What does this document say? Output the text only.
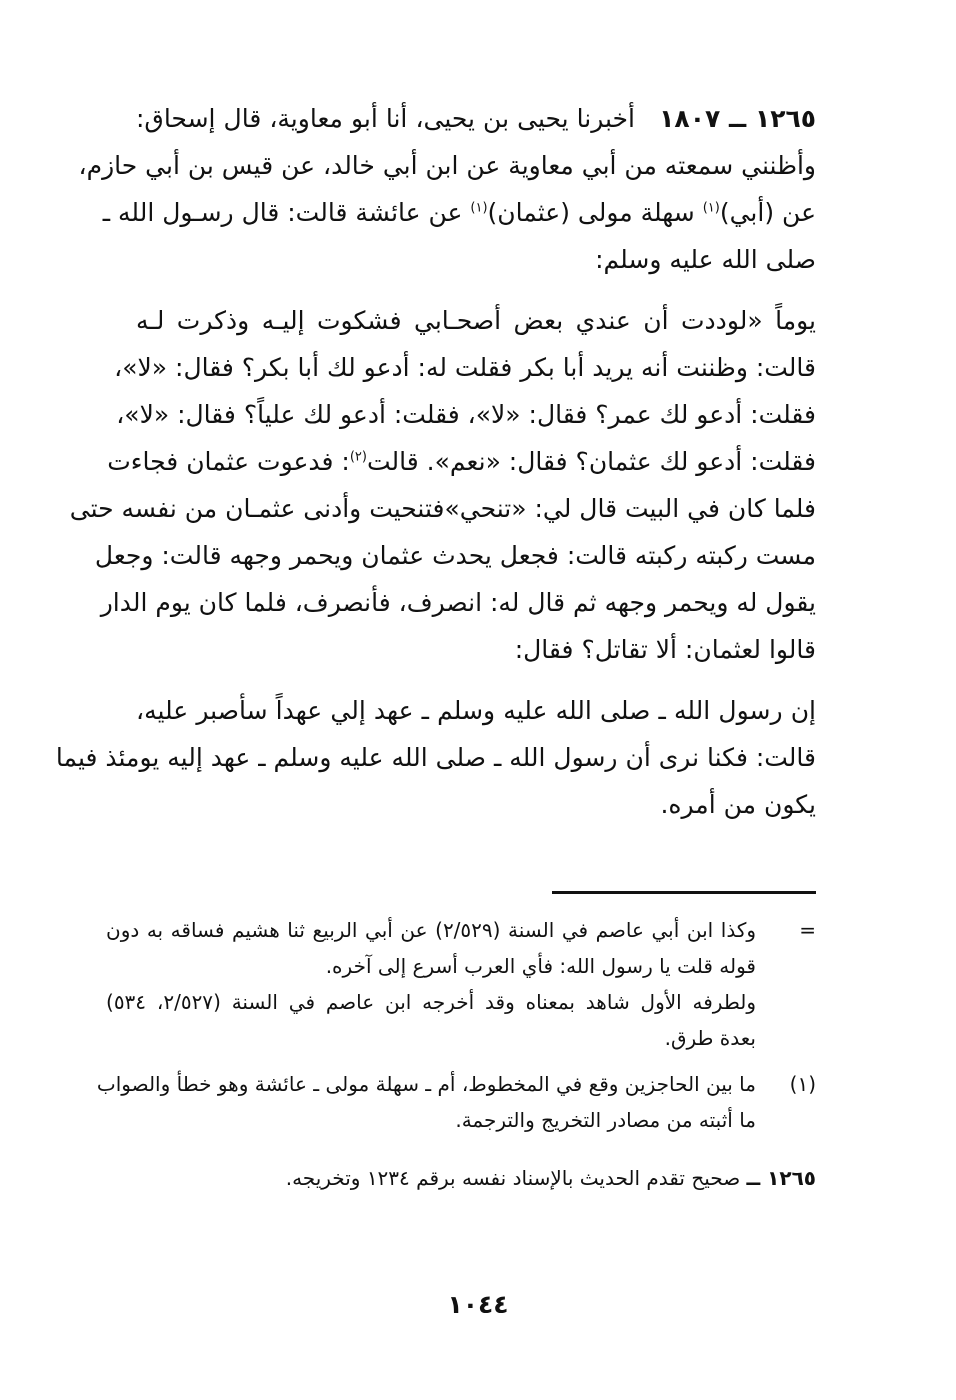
١٢٦٥ ــ ١٨٠٧   أخبرنا يحيى بن يحيى، أنا أبو معاوية، قال إسحاق:
وأظنني سمعته من أبي معاوية عن ابن أبي خالد، عن قيس بن أبي حازم،
عن (أبي)$^{(١)}$ سهلة مولى (عثمان)$^{(١)}$ عن عائشة قالت: قال رسـول الله ـ
صلى الله عليه وسلم:
يوماً «لوددت أن عندي بعض أصحـابي فشكوت إليـه وذكرت لـه
قالت: وظننت أنه يريد أبا بكر فقلت له: أدعو لك أبا بكر؟ فقال: «لا»،
فقلت: أدعو لك عمر؟ فقال: «لا»، فقلت: أدعو لك علياً؟ فقال: «لا»،
فقلت: أدعو لك عثمان؟ فقال: «نعم». قالت$^{(٢)}$: فدعوت عثمان فجاءت
فلما كان في البيت قال لي: «تنحي»فتنحيت وأدنى عثمـان من نفسه حتى
مست ركبته ركبته قالت: فجعل يحدث عثمان ويحمر وجهه قالت: وجعل
يقول له ويحمر وجهه ثم قال له: انصرف، فأنصرف، فلما كان يوم الدار
قالوا لعثمان: ألا تقاتل؟ فقال:
إن رسول الله ـ صلى الله عليه وسلم ـ عهد إلي عهداً سأصبر عليه،
قالت: فكنا نرى أن رسول الله ـ صلى الله عليه وسلم ـ عهد إليه يومئذ فيما
يكون من أمره.
=
وكذا ابن أبي عاصم في السنة (٢/٥٢٩) عن أبي الربيع ثنا هشيم فساقه به دون
قوله قلت يا رسول الله: فأي العرب أسرع إلى آخره.
ولطرفه الأول شاهد بمعناه وقد أخرجه ابن عاصم في السنة (٢/٥٢٧، ٥٣٤)
بعدة طرق.
(١)
ما بين الحاجزين وقع في المخطوط، أم ـ سهلة مولى ـ عائشة وهو خطأ والصواب
ما أثبته من مصادر التخريج والترجمة.
١٢٦٥ ــ صحيح تقدم الحديث بالإسناد نفسه برقم ١٢٣٤ وتخريجه.
١٠٤٤
